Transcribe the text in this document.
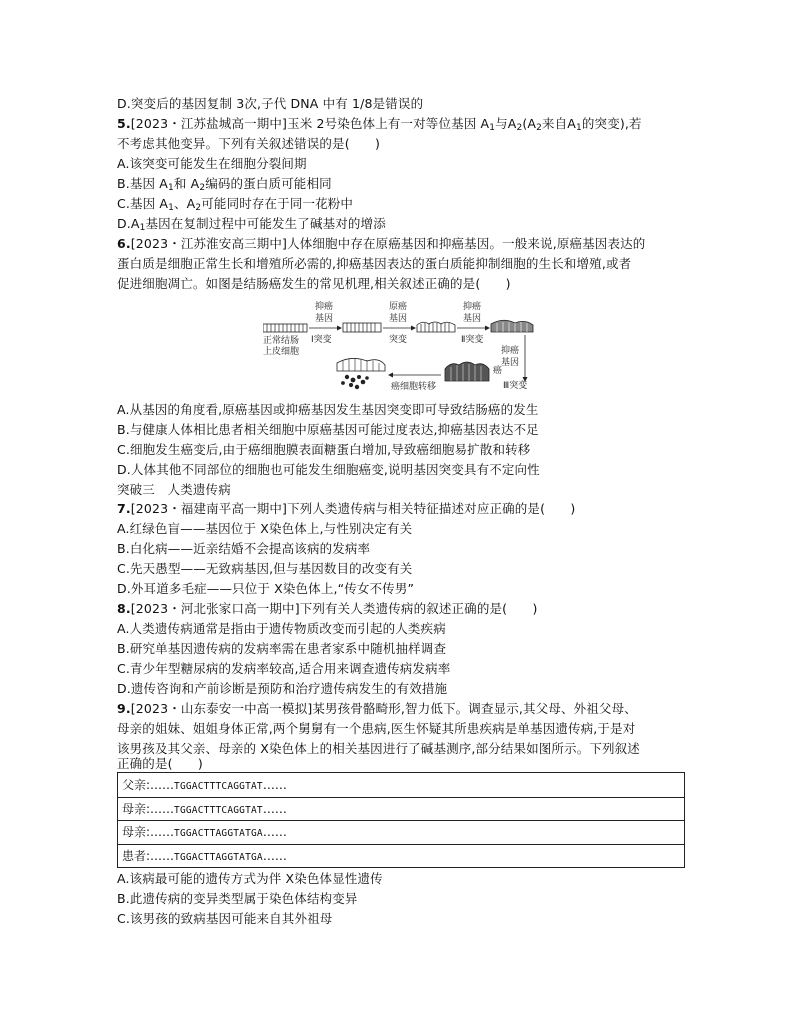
D.突变后的基因复制 3次,子代 DNA 中有 1/8是错误的
5.[2023・江苏盐城高一期中]玉米 2号染色体上有一对等位基因 $A_1$与$A_2(A_2$来自$A_1$的突变),若
不考虑其他变异。下列有关叙述错误的是(　　)
A.该突变可能发生在细胞分裂间期
B.基因 $A_1$和 $A_2$编码的蛋白质可能相同
C.基因 $A_1$、$A_2$可能同时存在于同一花粉中
$D.A_1$基因在复制过程中可能发生了碱基对的增添
6.[2023・江苏淮安高三期中]人体细胞中存在原癌基因和抑癌基因。一般来说,原癌基因表达的
蛋白质是细胞正常生长和增殖所必需的,抑癌基因表达的蛋白质能抑制细胞的生长和增殖,或者
促进细胞凋亡。如图是结肠癌发生的常见机理,相关叙述正确的是(　　)
正常结肠
上皮细胞
抑癌
基因
Ⅰ突变
原癌
基因
突变
抑癌
基因
Ⅱ突变
抑癌
基因
Ⅲ突变
癌
癌细胞转移
A.从基因的角度看,原癌基因或抑癌基因发生基因突变即可导致结肠癌的发生
B.与健康人体相比患者相关细胞中原癌基因可能过度表达,抑癌基因表达不足
C.细胞发生癌变后,由于癌细胞膜表面糖蛋白增加,导致癌细胞易扩散和转移
D.人体其他不同部位的细胞也可能发生细胞癌变,说明基因突变具有不定向性
突破三　人类遗传病
7.[2023・福建南平高一期中]下列人类遗传病与相关特征描述对应正确的是(　　)
A.红绿色盲——基因位于 X染色体上,与性别决定有关
B.白化病——近亲结婚不会提高该病的发病率
C.先天愚型——无致病基因,但与基因数目的改变有关
D.外耳道多毛症——只位于 X染色体上,“传女不传男”
8.[2023・河北张家口高一期中]下列有关人类遗传病的叙述正确的是(　　)
A.人类遗传病通常是指由于遗传物质改变而引起的人类疾病
B.研究单基因遗传病的发病率需在患者家系中随机抽样调查
C.青少年型糖尿病的发病率较高,适合用来调查遗传病发病率
D.遗传咨询和产前诊断是预防和治疗遗传病发生的有效措施
9.[2023・山东泰安一中高一模拟]某男孩骨骼畸形,智力低下。调查显示,其父母、外祖父母、
母亲的姐妹、姐姐身体正常,两个舅舅有一个患病,医生怀疑其所患疾病是单基因遗传病,于是对
该男孩及其父亲、母亲的 X染色体上的相关基因进行了碱基测序,部分结果如图所示。下列叙述
正确的是(　　)
父亲:……TGGACTTTCAGGTAT……
母亲:……TGGACTTTCAGGTAT……
母亲:……TGGACTTAGGTATGA……
患者:……TGGACTTAGGTATGA……
A.该病最可能的遗传方式为伴 X染色体显性遗传
B.此遗传病的变异类型属于染色体结构变异
C.该男孩的致病基因可能来自其外祖母
